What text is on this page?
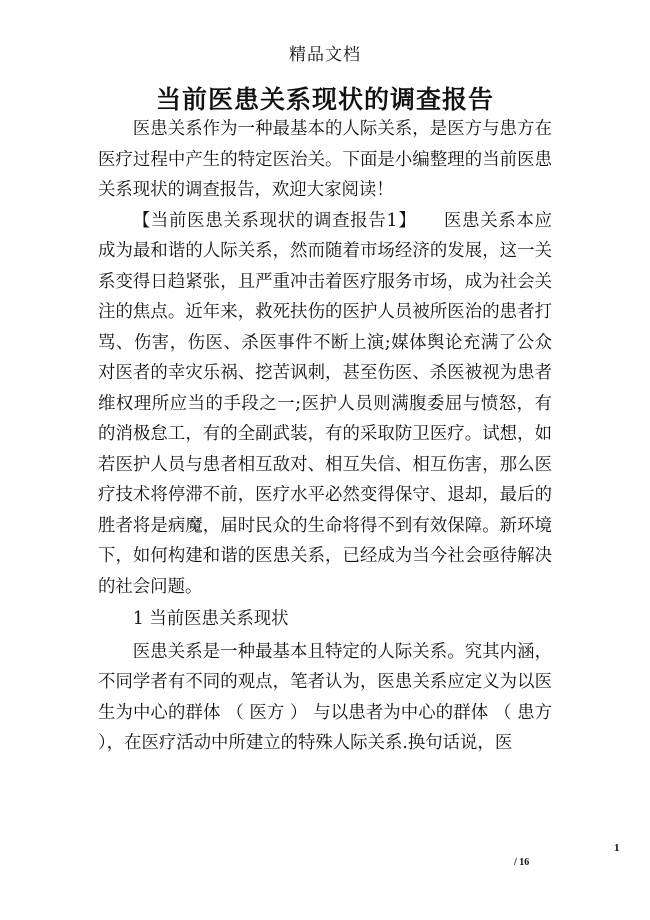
精品文档
当前医患关系现状的调查报告

医患关系作为一种最基本的人际关系，是医方与患方在医疗过程中产生的特定医治关。下面是小编整理的当前医患关系现状的调查报告，欢迎大家阅读！

【当前医患关系现状的调查报告1】　　医患关系本应成为最和谐的人际关系，然而随着市场经济的发展，这一关系变得日趋紧张，且严重冲击着医疗服务市场，成为社会关注的焦点。近年来，救死扶伤的医护人员被所医治的患者打骂、伤害，伤医、杀医事件不断上演;媒体舆论充满了公众对医者的幸灾乐祸、挖苦讽刺，甚至伤医、杀医被视为患者维权理所应当的手段之一;医护人员则满腹委屈与愤怒，有的消极怠工，有的全副武装，有的采取防卫医疗。试想，如若医护人员与患者相互敌对、相互失信、相互伤害，那么医疗技术将停滞不前，医疗水平必然变得保守、退却，最后的胜者将是病魔，届时民众的生命将得不到有效保障。新环境下，如何构建和谐的医患关系，已经成为当今社会亟待解决的社会问题。

1 当前医患关系现状

医患关系是一种最基本且特定的人际关系。究其内涵，不同学者有不同的观点，笔者认为，医患关系应定义为以医生为中心的群体 （ 医方 ） 与以患者为中心的群体 （ 患方 ），在医疗活动中所建立的特殊人际关系.换句话说，医

1
/ 16
